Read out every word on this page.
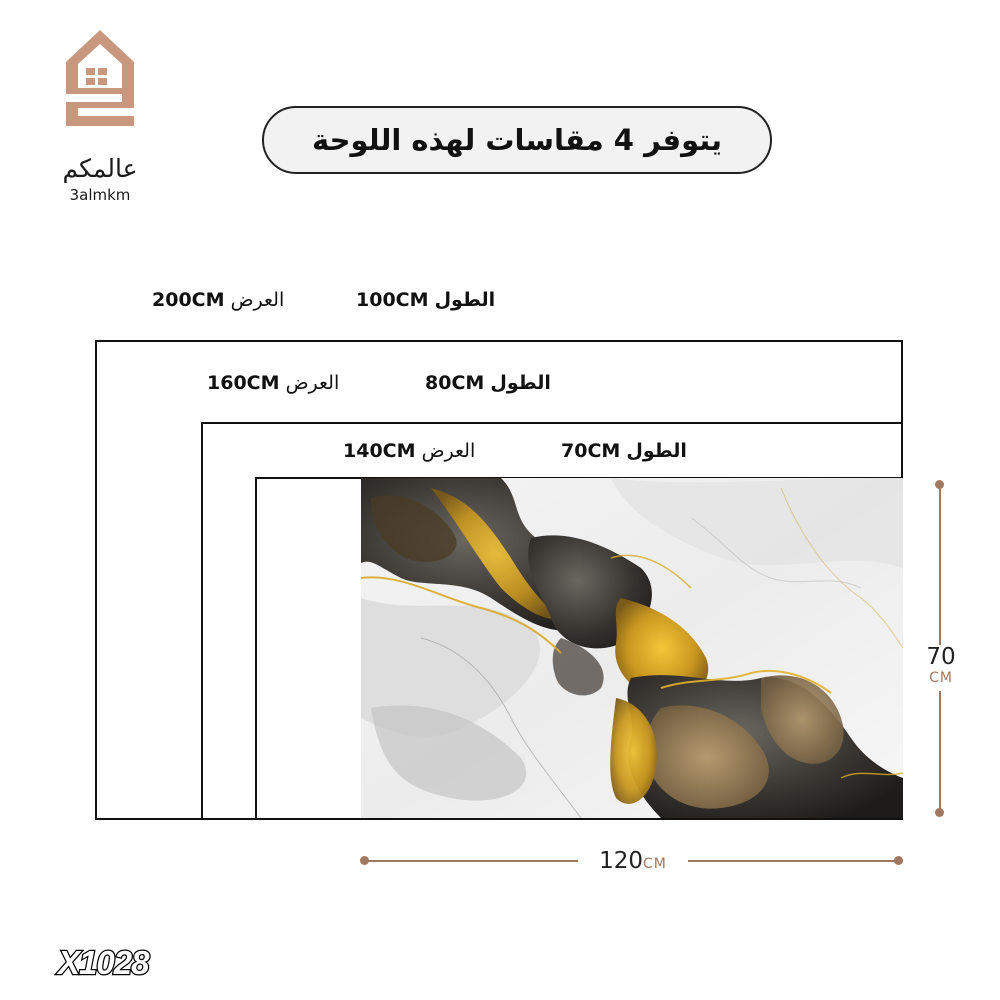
عالمكم
3almkm
يتوفر 4 مقاسات لهذه اللوحة
200CM العرض	100CM الطول
160CM العرض	80CM الطول
140CM العرض	70CM الطول
70
CM
120CM
X1028
